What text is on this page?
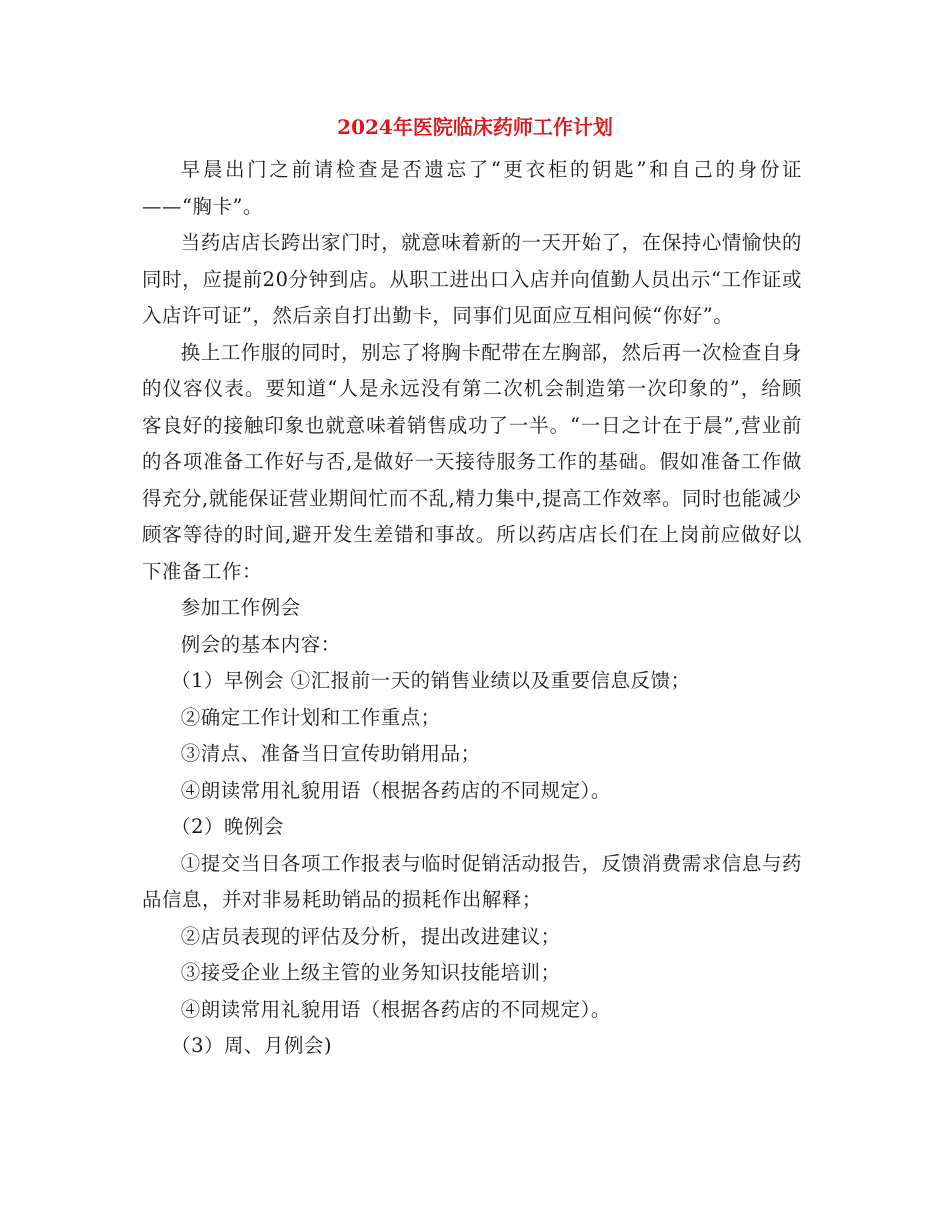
2024年医院临床药师工作计划

早晨出门之前请检查是否遗忘了“更衣柜的钥匙”和自己的身份证——“胸卡”。

当药店店长跨出家门时，就意味着新的一天开始了，在保持心情愉快的同时，应提前20分钟到店。从职工进出口入店并向值勤人员出示“工作证或入店许可证”，然后亲自打出勤卡，同事们见面应互相问候“你好”。

换上工作服的同时，别忘了将胸卡配带在左胸部，然后再一次检查自身的仪容仪表。要知道“人是永远没有第二次机会制造第一次印象的”，给顾客良好的接触印象也就意味着销售成功了一半。“一日之计在于晨”,营业前的各项准备工作好与否,是做好一天接待服务工作的基础。假如准备工作做得充分,就能保证营业期间忙而不乱,精力集中,提高工作效率。同时也能减少顾客等待的时间,避开发生差错和事故。所以药店店长们在上岗前应做好以下准备工作：

参加工作例会

例会的基本内容：

（1）早例会 ①汇报前一天的销售业绩以及重要信息反馈；

②确定工作计划和工作重点；

③清点、准备当日宣传助销用品；

④朗读常用礼貌用语（根据各药店的不同规定）。

（2）晚例会

①提交当日各项工作报表与临时促销活动报告，反馈消费需求信息与药品信息，并对非易耗助销品的损耗作出解释；

②店员表现的评估及分析，提出改进建议；

③接受企业上级主管的业务知识技能培训；

④朗读常用礼貌用语（根据各药店的不同规定）。

（3）周、月例会)
